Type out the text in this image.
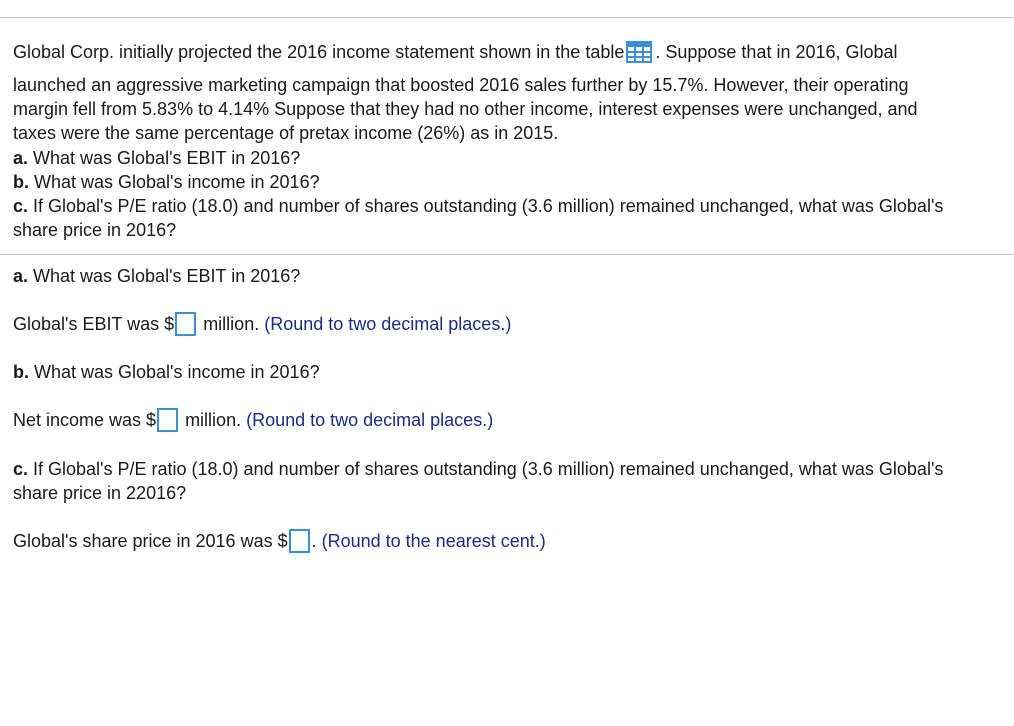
Global Corp. initially projected the 2016 income statement shown in the table . Suppose that in 2016, Global
launched an aggressive marketing campaign that boosted 2016 sales further by 15.7%. However, their operating
margin fell from 5.83% to 4.14% Suppose that they had no other income, interest expenses were unchanged, and
taxes were the same percentage of pretax income (26%) as in 2015.
a. What was Global's EBIT in 2016?
b. What was Global's income in 2016?
c. If Global's P/E ratio (18.0) and number of shares outstanding (3.6 million) remained unchanged, what was Global's
share price in 2016?
a. What was Global's EBIT in 2016?
Global's EBIT was $ million. (Round to two decimal places.)
b. What was Global's income in 2016?
Net income was $ million. (Round to two decimal places.)
c. If Global's P/E ratio (18.0) and number of shares outstanding (3.6 million) remained unchanged, what was Global's
share price in 22016?
Global's share price in 2016 was $ . (Round to the nearest cent.)
